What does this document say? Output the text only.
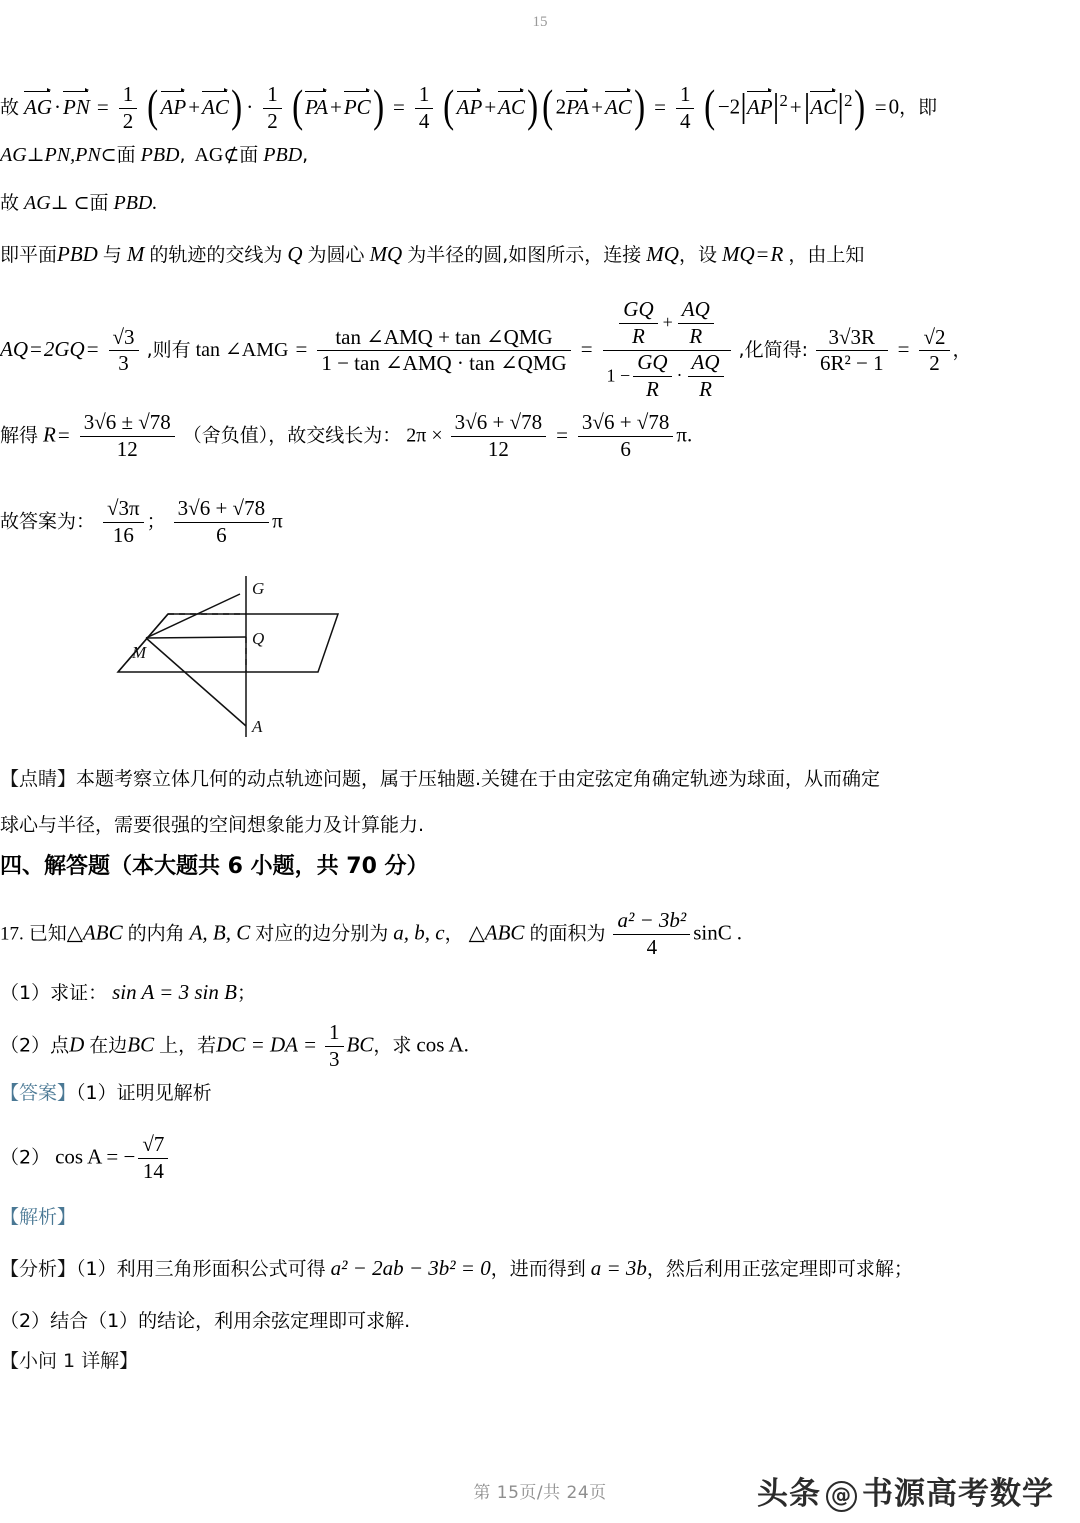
15
故 $AG\cdot PN = \frac{1}{2}$ ( $AP+AC) \cdot \frac{1}{2}$ ( $PA+PC) = \frac{1}{4}$ ( AP+AC)( $2PA+AC) = \frac{1}{4}$ ( $-2|AP|^2+|AC|^2) =0$，即
AG⊥PN,PN⊂面 PBD, AG⊄面 PBD,
故 AG⊥ ⊂面 PBD.
即平面PBD 与 M 的轨迹的交线为 Q 为圆心 MQ 为半径的圆,如图所示，连接 MQ，设 MQ=R ，由上知
$AQ=2GQ= \frac{√3}{3}$ ,则有 tan ∠AMG = $\frac{\text{tan ∠AMQ + tan ∠QMG}}{\text{1 − tan ∠AMQ · tan ∠QMG}} = \frac{\frac{GQ}{R} + \frac{AQ}{R}}{1 - \frac{GQ}{R} \cdot \frac{AQ}{R}}$ ,化简得: $\frac{3√3R}{\text{6R² − 1}} = \frac{√2}{2}$ ，
解得 $R= \frac{3√6 \pm √78}{12}$ （舍负值），故交线长为： $2\pi \times \frac{3√6 + √78}{12} = \frac{3√6 + √78}{6} \pi$.
故答案为： $\frac{√3\pi}{16}$ ； $\frac{3√6 + √78}{6}$ π
G
Q
M
A
【点睛】本题考察立体几何的动点轨迹问题，属于压轴题.关键在于由定弦定角确定轨迹为球面，从而确定
球心与半径，需要很强的空间想象能力及计算能力.
四、解答题（本大题共 6 小题，共 70 分）
17. 已知△ABC 的内角 A, B, C 对应的边分别为 a, b, c， △ABC 的面积为 $\frac{\text{a² − 3b²}}{4}$ sinC .
（1）求证： sin A = 3 sin B；
（2）点D 在边BC 上，若DC = DA = $\frac{1}{3}$ BC，求 cos A.
【答案】（1）证明见解析
（2） cos A = − $\frac{√7}{14}$
【解析】
【分析】（1）利用三角形面积公式可得 a² − 2ab − 3b² = 0，进而得到 a = 3b，然后利用正弦定理即可求解；
（2）结合（1）的结论，利用余弦定理即可求解.
【小问 1 详解】
第 15页/共 24页	头条 @ 书源高考数学
